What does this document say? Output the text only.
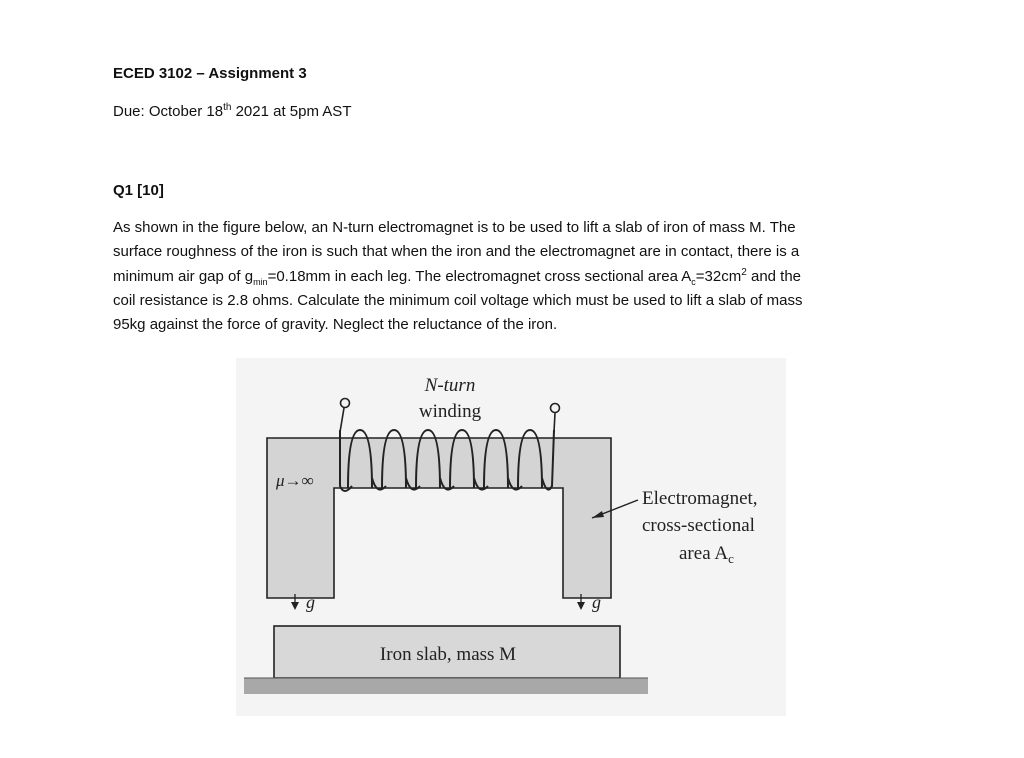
ECED 3102 – Assignment 3
Due: October 18th 2021 at 5pm AST
Q1 [10]
As shown in the figure below, an N-turn electromagnet is to be used to lift a slab of iron of mass M. The
surface roughness of the iron is such that when the iron and the electromagnet are in contact, there is a
minimum air gap of $g_{min}=0.18mm$ in each leg. The electromagnet cross sectional area $A_c=32cm^2$ and the
coil resistance is 2.8 ohms. Calculate the minimum coil voltage which must be used to lift a slab of mass
95kg against the force of gravity. Neglect the reluctance of the iron.
N-turn
winding
μ→∞
Electromagnet,
cross-sectional
area $A_c$
g	g
Iron slab, mass M
